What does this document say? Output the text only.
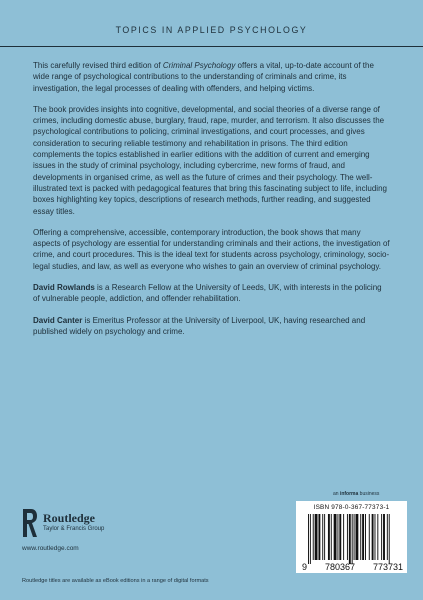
TOPICS IN APPLIED PSYCHOLOGY

This carefully revised third edition of Criminal Psychology offers a vital, up-to-date account of the wide range of psychological contributions to the understanding of criminals and crime, its investigation, the legal processes of dealing with offenders, and helping victims.

The book provides insights into cognitive, developmental, and social theories of a diverse range of crimes, including domestic abuse, burglary, fraud, rape, murder, and terrorism. It also discusses the psychological contributions to policing, criminal investigations, and court processes, and gives consideration to securing reliable testimony and rehabilitation in prisons. The third edition complements the topics established in earlier editions with the addition of current and emerging issues in the study of criminal psychology, including cybercrime, new forms of fraud, and developments in organised crime, as well as the future of crimes and their psychology. The well-illustrated text is packed with pedagogical features that bring this fascinating subject to life, including boxes highlighting key topics, descriptions of research methods, further reading, and suggested essay titles.

Offering a comprehensive, accessible, contemporary introduction, the book shows that many aspects of psychology are essential for understanding criminals and their actions, the investigation of crime, and court procedures. This is the ideal text for students across psychology, criminology, socio-legal studies, and law, as well as everyone who wishes to gain an overview of criminal psychology.

David Rowlands is a Research Fellow at the University of Leeds, UK, with interests in the policing of vulnerable people, addiction, and offender rehabilitation.

David Canter is Emeritus Professor at the University of Liverpool, UK, having researched and published widely on psychology and crime.

Routledge
Taylor & Francis Group
www.routledge.com
Routledge titles are available as eBook editions in a range of digital formats
an informa business
ISBN 978-0-367-77373-1
9 780367 773731
